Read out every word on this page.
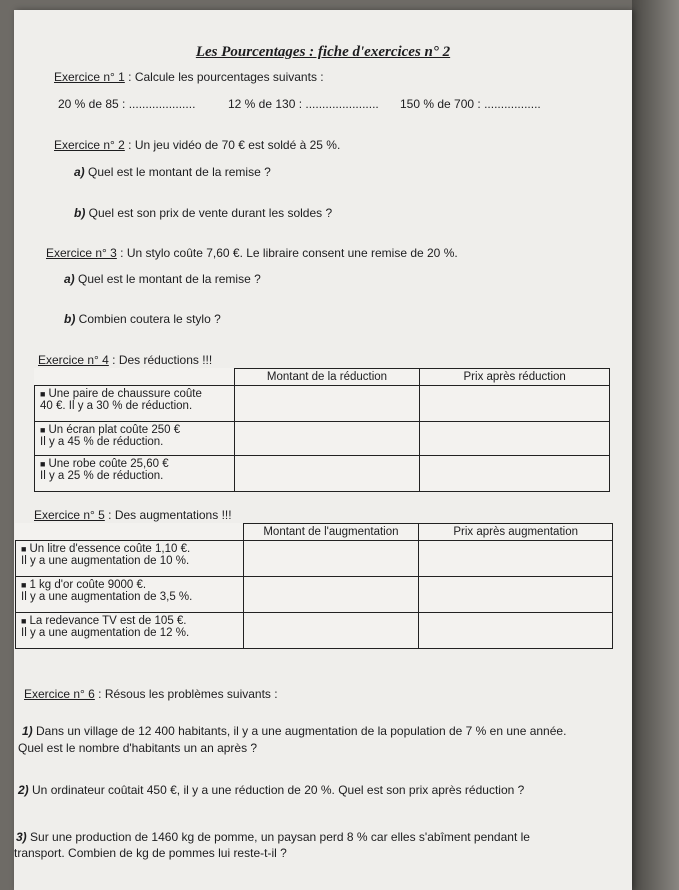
Les Pourcentages : fiche d'exercices n° 2
Exercice n° 1 : Calcule les pourcentages suivants :
20 % de 85 : ....................	12 % de 130 : ...................... 150 % de 700 : .................
Exercice n° 2 : Un jeu vidéo de 70 € est soldé à 25 %.
a) Quel est le montant de la remise ?
b) Quel est son prix de vente durant les soldes ?
Exercice n° 3 : Un stylo coûte 7,60 €. Le libraire consent une remise de 20 %.
a) Quel est le montant de la remise ?
b) Combien coutera le stylo ?
Exercice n° 4 : Des réductions !!!
	Montant de la réduction	Prix après réduction
■ Une paire de chaussure coûte
40 €. Il y a 30 % de réduction.		
■ Un écran plat coûte 250 €
Il y a 45 % de réduction.		
■ Une robe coûte 25,60 €
Il y a 25 % de réduction.		
Exercice n° 5 : Des augmentations !!!
	Montant de l'augmentation	Prix après augmentation
■ Un litre d'essence coûte 1,10 €.
Il y a une augmentation de 10 %.		
■ 1 kg d'or coûte 9000 €.
Il y a une augmentation de 3,5 %.		
■ La redevance TV est de 105 €.
Il y a une augmentation de 12 %.		
Exercice n° 6 : Résous les problèmes suivants :
1) Dans un village de 12 400 habitants, il y a une augmentation de la population de 7 % en une année.
Quel est le nombre d'habitants un an après ?
2) Un ordinateur coûtait 450 €, il y a une réduction de 20 %. Quel est son prix après réduction ?
3) Sur une production de 1460 kg de pomme, un paysan perd 8 % car elles s'abîment pendant le
transport. Combien de kg de pommes lui reste-t-il ?
